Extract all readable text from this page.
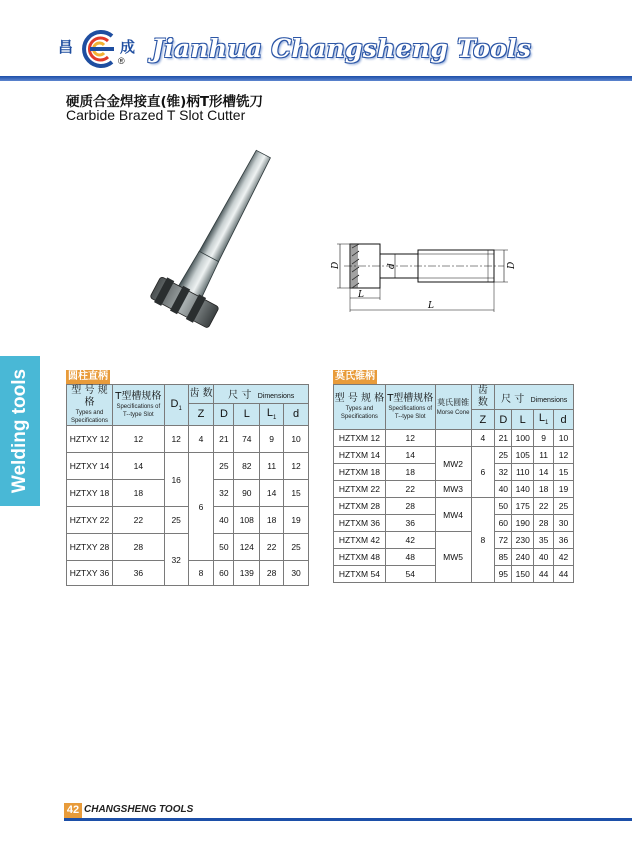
昌	成
® Jianhua Changsheng Tools
硬质合金焊接直(锥)柄T形槽铣刀
Carbide Brazed T Slot Cutter
D	d	D
L
L
Welding tools	圆柱直柄
型 号 规 格
Types and
Specifications	T型槽规格
Specifications of
T--type Slot	$D_1$	齿 数	尺 寸 Dimensions			
			Z	D	L	$L_1$	d
HZTXY 12	12	12	4	21	74	9	10
HZTXY 14	14	16	6	25	82	11	12
HZTXY 18	18			32	90	14	15
HZTXY 22	22	25		40	108	18	19
HZTXY 28	28	32		50	124	22	25
HZTXY 36	36		8	60	139	28	30
莫氏锥柄
型 号 规 格
Types and
Specifications	T型槽规格
Specifications of
T--type Slot	莫氏圆锥
Morse Cone	齿 数	尺 寸 Dimensions			
			Z	D	L	$L_1$	d
HZTXM 12	12		4	21	100	9	10
HZTXM 14	14	MW2	6	25	105	11	12
HZTXM 18	18			32	110	14	15
HZTXM 22	22	MW3		40	140	18	19
HZTXM 28	28	MW4	8	50	175	22	25
HZTXM 36	36			60	190	28	30
HZTXM 42	42	MW5		72	230	35	36
HZTXM 48	48			85	240	40	42
HZTXM 54	54			95	150	44	44
42 CHANGSHENG TOOLS
